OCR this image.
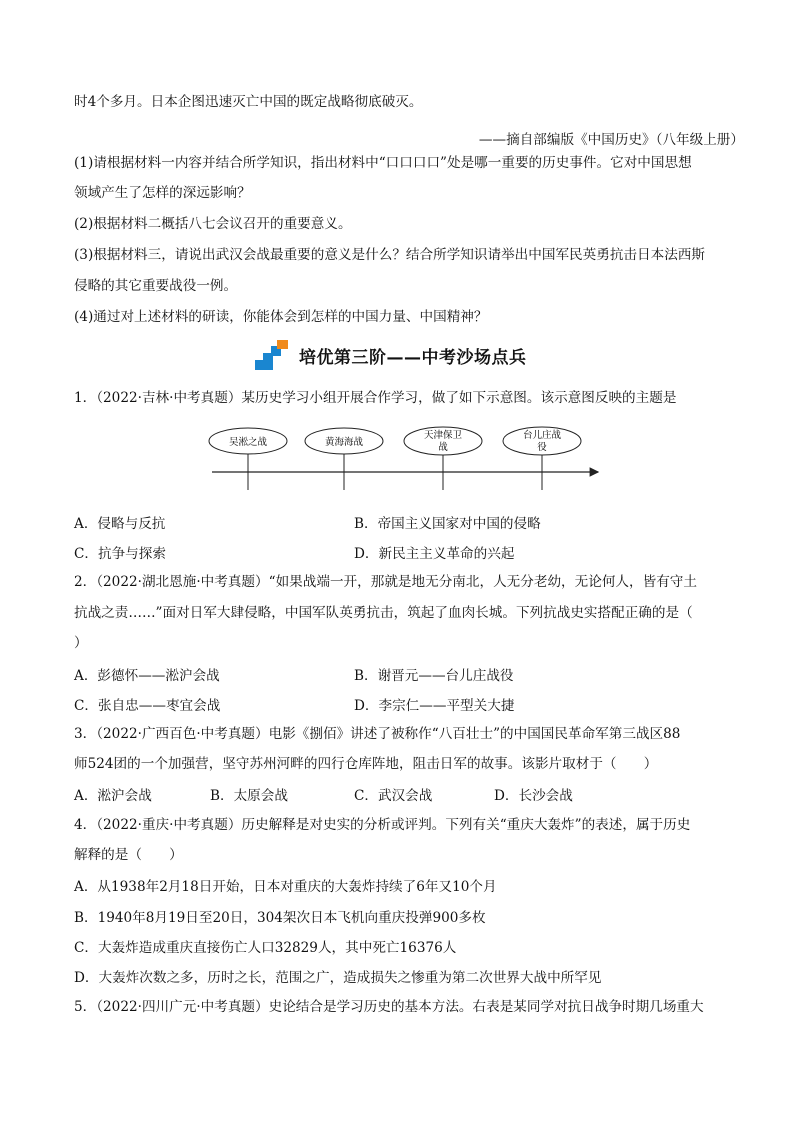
时4个多月。日本企图迅速灭亡中国的既定战略彻底破灭。
——摘自部编版《中国历史》（八年级上册）
(1)请根据材料一内容并结合所学知识，指出材料中“口口口口”处是哪一重要的历史事件。它对中国思想
领域产生了怎样的深远影响？
(2)根据材料二概括八七会议召开的重要意义。
(3)根据材料三，请说出武汉会战最重要的意义是什么？结合所学知识请举出中国军民英勇抗击日本法西斯
侵略的其它重要战役一例。
(4)通过对上述材料的研读，你能体会到怎样的中国力量、中国精神？
培优第三阶——中考沙场点兵
1．（2022·吉林·中考真题）某历史学习小组开展合作学习，做了如下示意图。该示意图反映的主题是
吴淞之战	黄海海战
天津保卫
战
台儿庄战
役
A．侵略与反抗	B．帝国主义国家对中国的侵略
C．抗争与探索	D．新民主主义革命的兴起
2．（2022·湖北恩施·中考真题）“如果战端一开，那就是地无分南北，人无分老幼，无论何人，皆有守土
抗战之责……”面对日军大肆侵略，中国军队英勇抗击，筑起了血肉长城。下列抗战史实搭配正确的是（
）
A．彭德怀——淞沪会战	B．谢晋元——台儿庄战役
C．张自忠——枣宜会战	D．李宗仁——平型关大捷
3．（2022·广西百色·中考真题）电影《捌佰》讲述了被称作“八百壮士”的中国国民革命军第三战区88
师524团的一个加强营，坚守苏州河畔的四行仓库阵地，阻击日军的故事。该影片取材于（　　）
A．淞沪会战	B．太原会战	C．武汉会战	D．长沙会战
4．（2022·重庆·中考真题）历史解释是对史实的分析或评判。下列有关“重庆大轰炸”的表述，属于历史
解释的是（　　）
A．从1938年2月18日开始，日本对重庆的大轰炸持续了6年又10个月
B．1940年8月19日至20日，304架次日本飞机向重庆投弹900多枚
C．大轰炸造成重庆直接伤亡人口32829人，其中死亡16376人
D．大轰炸次数之多，历时之长，范围之广，造成损失之惨重为第二次世界大战中所罕见
5．（2022·四川广元·中考真题）史论结合是学习历史的基本方法。右表是某同学对抗日战争时期几场重大
